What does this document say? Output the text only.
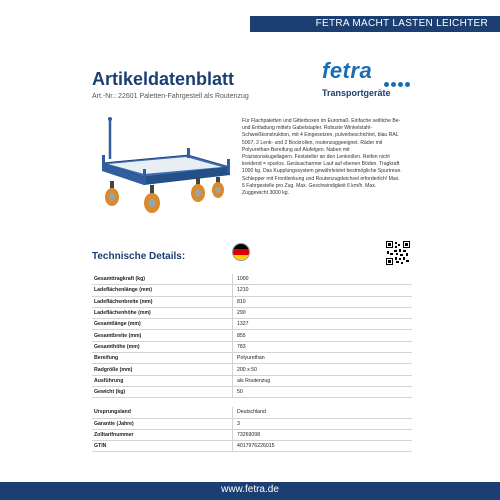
FETRA MACHT LASTEN LEICHTER
Artikeldatenblatt
Art.-Nr.: 22601 Paletten-Fahrgestell als Routenzug
fetra
Transportgeräte
Für Flachpaletten und Gitterboxen im Euromaß. Einfache seitliche Be- und Entladung mittels Gabelstapler. Robuste Winkelstahl-Schweißkonstruktion, mit 4 Eingesetzen, pulverbeschichtet, blau RAL 5007. 2 Lenk- und 2 Bockrollen, routenzuggeeignet. Räder mit Polyurethan-Bereifung auf Alufelgen. Naben mit Präzisionskugellagern. Feststeller an den Lenkrollen. Reifen nicht kreidend = spurlos. Geräuscharmer Lauf auf ebenen Böden. Tragkraft 1000 kg. Das Kupplungssystem gewährleistet bestmögliche Spurtreue. Schlepper mit Frontlenkung und Routenzugdeichsel erforderlich! Max. 5 Fahrgestelle pro Zug. Max. Geschwindigkeit 6 km/h. Max. Zuggewicht 3000 kg.
Technische Details:
Gesamttragkraft (kg)	1000
Ladeflächenlänge (mm)	1210
Ladeflächenbreite (mm)	810
Ladeflächenhöhe (mm)	290
Gesamtlänge (mm)	1327
Gesamtbreite (mm)	855
Gesamthöhe (mm)	783
Bereifung	Polyurethan
Radgröße (mm)	200 x 50
Ausführung	als Routenzug
Gewicht (kg)	50
Ursprungsland	Deutschland
Garantie (Jahre)	3
Zolltarifnummer	73269098
GTIN	4017976226015
www.fetra.de
